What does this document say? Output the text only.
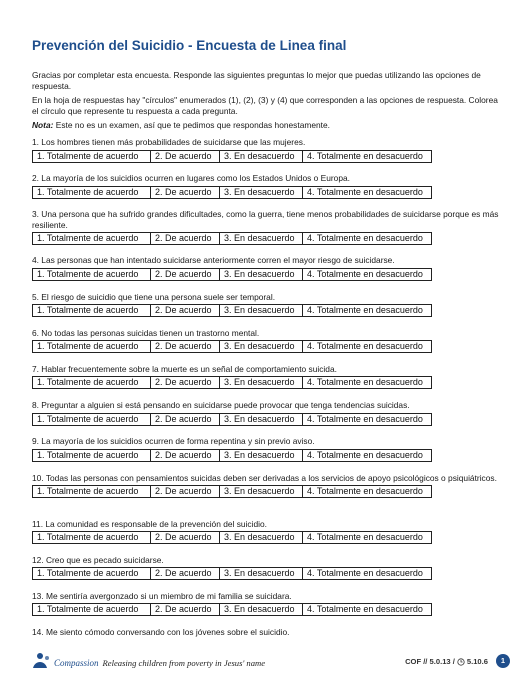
Prevención del Suicidio - Encuesta de Linea final

Gracias por completar esta encuesta. Responde las siguientes preguntas lo mejor que puedas utilizando las opciones de respuesta.

En la hoja de respuestas hay "círculos" enumerados (1), (2), (3) y (4) que corresponden a las opciones de respuesta. Colorea el círculo que represente tu respuesta a cada pregunta.

Nota: Este no es un examen, así que te pedimos que respondas honestamente.

1. Los hombres tienen más probabilidades de suicidarse que las mujeres.
1. Totalmente de acuerdo	2. De acuerdo	3. En desacuerdo	4. Totalmente en desacuerdo
2. La mayoría de los suicidios ocurren en lugares como los Estados Unidos o Europa.
1. Totalmente de acuerdo	2. De acuerdo	3. En desacuerdo	4. Totalmente en desacuerdo
3. Una persona que ha sufrido grandes dificultades, como la guerra, tiene menos probabilidades de suicidarse porque es más resiliente.
1. Totalmente de acuerdo	2. De acuerdo	3. En desacuerdo	4. Totalmente en desacuerdo
4. Las personas que han intentado suicidarse anteriormente corren el mayor riesgo de suicidarse.
1. Totalmente de acuerdo	2. De acuerdo	3. En desacuerdo	4. Totalmente en desacuerdo
5. El riesgo de suicidio que tiene una persona suele ser temporal.
1. Totalmente de acuerdo	2. De acuerdo	3. En desacuerdo	4. Totalmente en desacuerdo
6. No todas las personas suicidas tienen un trastorno mental.
1. Totalmente de acuerdo	2. De acuerdo	3. En desacuerdo	4. Totalmente en desacuerdo
7. Hablar frecuentemente sobre la muerte es un señal de comportamiento suicida.
1. Totalmente de acuerdo	2. De acuerdo	3. En desacuerdo	4. Totalmente en desacuerdo
8. Preguntar a alguien si está pensando en suicidarse puede provocar que tenga tendencias suicidas.
1. Totalmente de acuerdo	2. De acuerdo	3. En desacuerdo	4. Totalmente en desacuerdo
9. La mayoría de los suicidios ocurren de forma repentina y sin previo aviso.
1. Totalmente de acuerdo	2. De acuerdo	3. En desacuerdo	4. Totalmente en desacuerdo
10. Todas las personas con pensamientos suicidas deben ser derivadas a los servicios de apoyo psicológicos o psiquiátricos.
1. Totalmente de acuerdo	2. De acuerdo	3. En desacuerdo	4. Totalmente en desacuerdo
11. La comunidad es responsable de la prevención del suicidio.
1. Totalmente de acuerdo	2. De acuerdo	3. En desacuerdo	4. Totalmente en desacuerdo
12. Creo que es pecado suicidarse.
1. Totalmente de acuerdo	2. De acuerdo	3. En desacuerdo	4. Totalmente en desacuerdo
13. Me sentiría avergonzado si un miembro de mi familia se suicidara.
1. Totalmente de acuerdo	2. De acuerdo	3. En desacuerdo	4. Totalmente en desacuerdo
14. Me siento cómodo conversando con los jóvenes sobre el suicidio.
Compassion Releasing children from poverty in Jesus' name	COF // 5.0.13 / 5.10.6	1
